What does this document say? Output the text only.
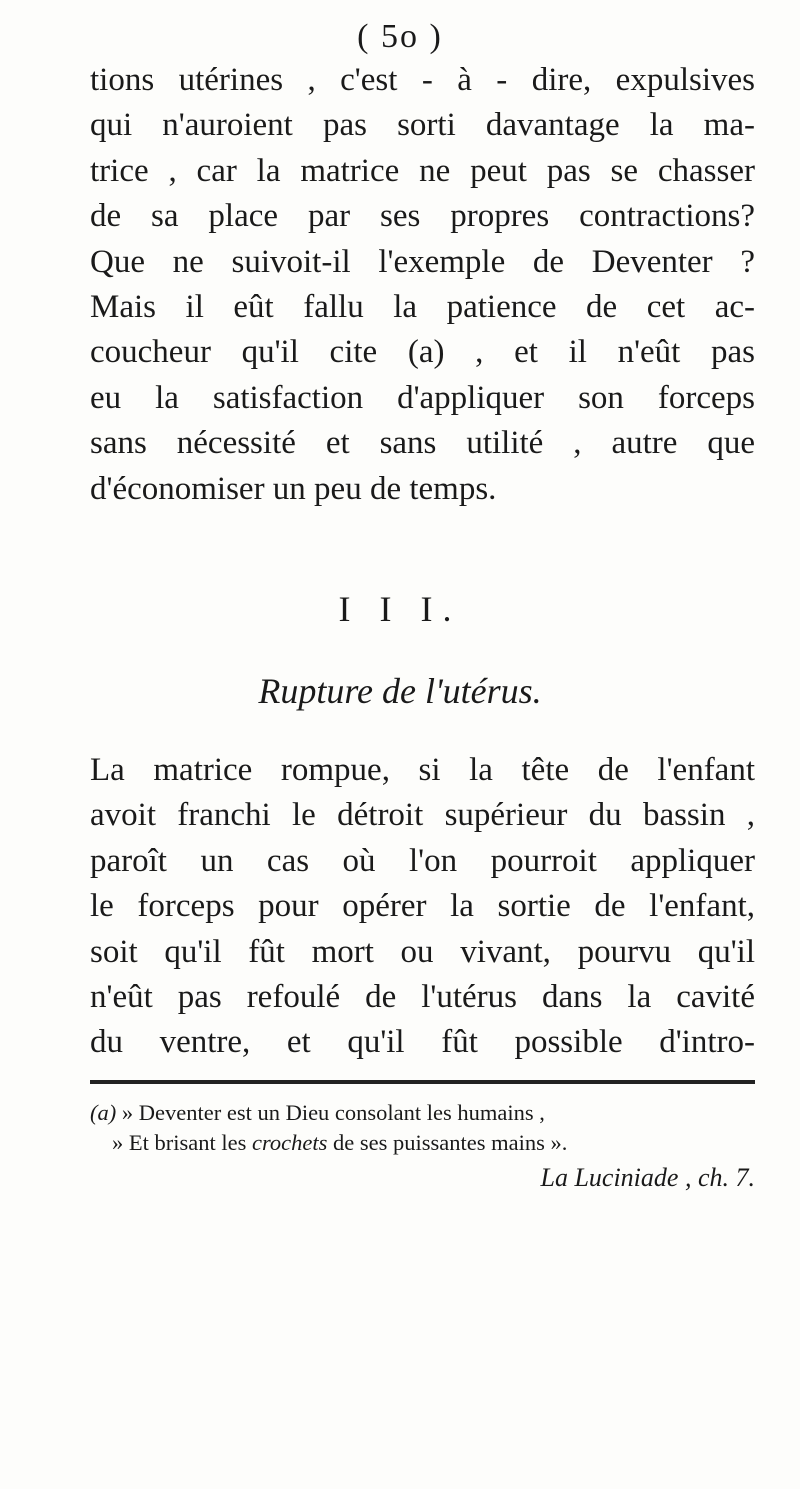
( 5o )
tions utérines , c'est - à - dire, expulsives
qui n'auroient pas sorti davantage la ma-
trice , car la matrice ne peut pas se chasser
de sa place par ses propres contractions?
Que ne suivoit-il l'exemple de Deventer ?
Mais il eût fallu la patience de cet ac-
coucheur qu'il cite (a) , et il n'eût pas
eu la satisfaction d'appliquer son forceps
sans nécessité et sans utilité , autre que
d'économiser un peu de temps.
I I I.
Rupture de l'utérus.
La matrice rompue, si la tête de l'enfant
avoit franchi le détroit supérieur du bassin ,
paroît un cas où l'on pourroit appliquer
le forceps pour opérer la sortie de l'enfant,
soit qu'il fût mort ou vivant, pourvu qu'il
n'eût pas refoulé de l'utérus dans la cavité
du ventre, et qu'il fût possible d'intro-
(a) » Deventer est un Dieu consolant les humains ,
» Et brisant les crochets de ses puissantes mains ».
La Luciniade , ch. 7.
